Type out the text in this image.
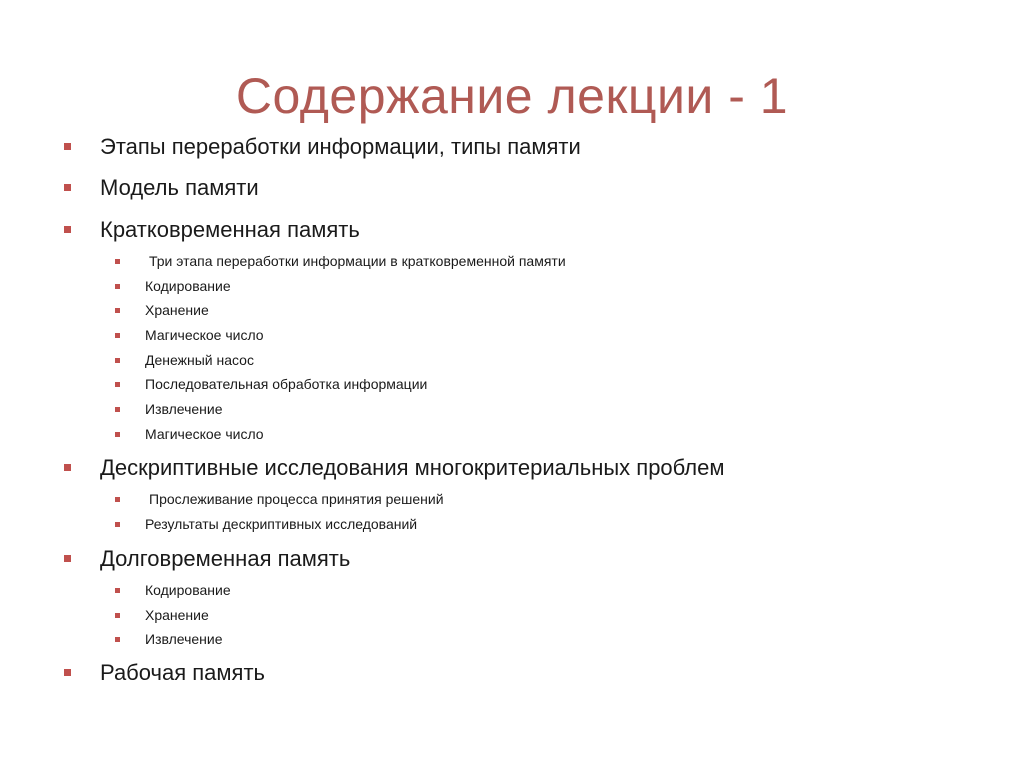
Содержание лекции - 1
Этапы переработки информации, типы памяти
Модель памяти
Кратковременная память
Три этапа переработки информации в кратковременной памяти
Кодирование
Хранение
Магическое число
Денежный насос
Последовательная обработка информации
Извлечение
Магическое число
Дескриптивные исследования многокритериальных проблем
Прослеживание процесса принятия решений
Результаты дескриптивных исследований
Долговременная память
Кодирование
Хранение
Извлечение
Рабочая память
